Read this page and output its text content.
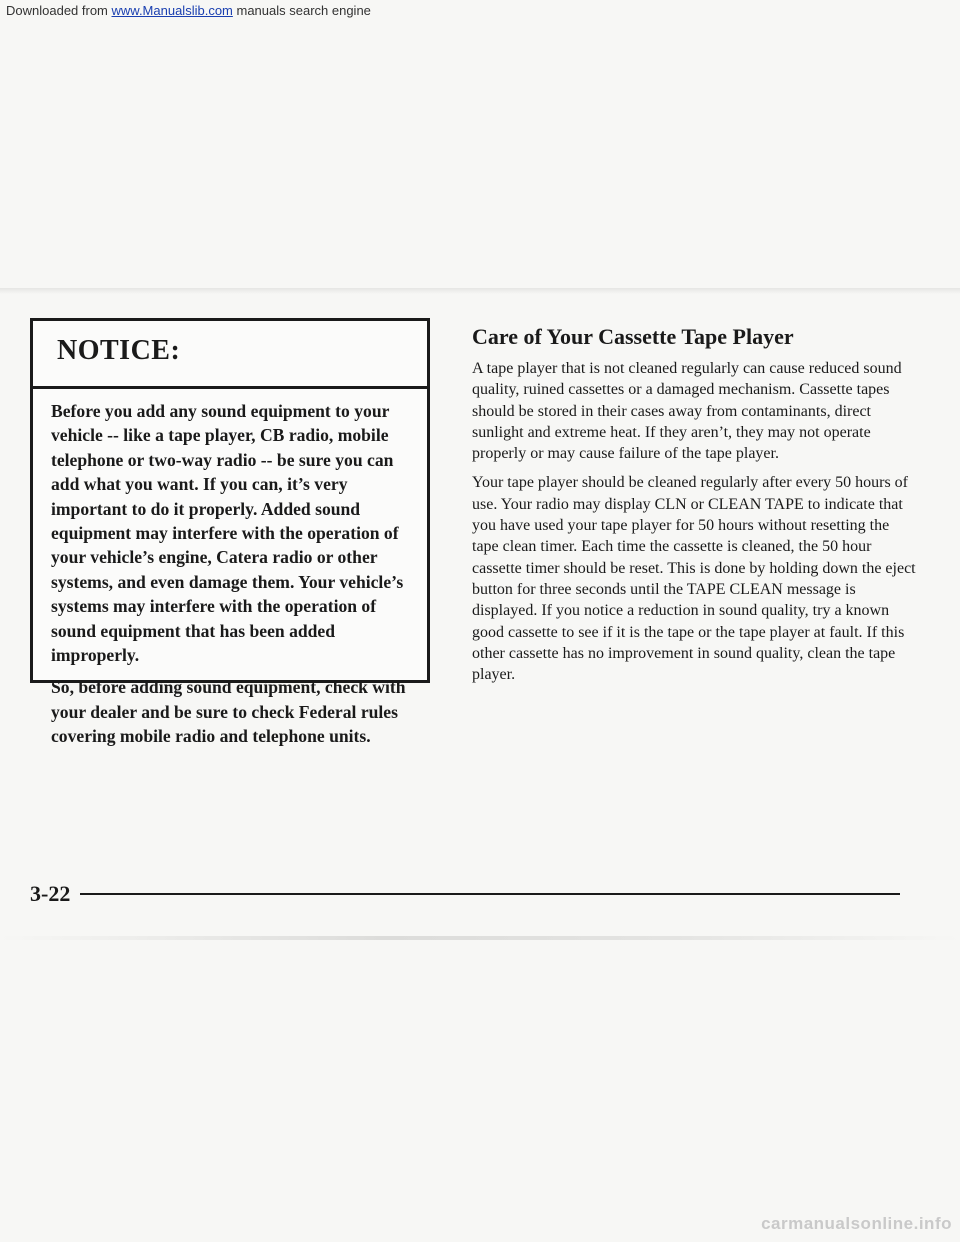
Downloaded from www.Manualslib.com manuals search engine
NOTICE:

Before you add any sound equipment to your vehicle -- like a tape player, CB radio, mobile telephone or two-way radio -- be sure you can add what you want. If you can, it’s very important to do it properly. Added sound equipment may interfere with the operation of your vehicle’s engine, Catera radio or other systems, and even damage them. Your vehicle’s systems may interfere with the operation of sound equipment that has been added improperly.

So, before adding sound equipment, check with your dealer and be sure to check Federal rules covering mobile radio and telephone units.

Care of Your Cassette Tape Player

A tape player that is not cleaned regularly can cause reduced sound quality, ruined cassettes or a damaged mechanism. Cassette tapes should be stored in their cases away from contaminants, direct sunlight and extreme heat. If they aren’t, they may not operate properly or may cause failure of the tape player.

Your tape player should be cleaned regularly after every 50 hours of use. Your radio may display CLN or CLEAN TAPE to indicate that you have used your tape player for 50 hours without resetting the tape clean timer. Each time the cassette is cleaned, the 50 hour cassette timer should be reset. This is done by holding down the eject button for three seconds until the TAPE CLEAN message is displayed. If you notice a reduction in sound quality, try a known good cassette to see if it is the tape or the tape player at fault. If this other cassette has no improvement in sound quality, clean the tape player.

3-22
carmanualsonline.info
